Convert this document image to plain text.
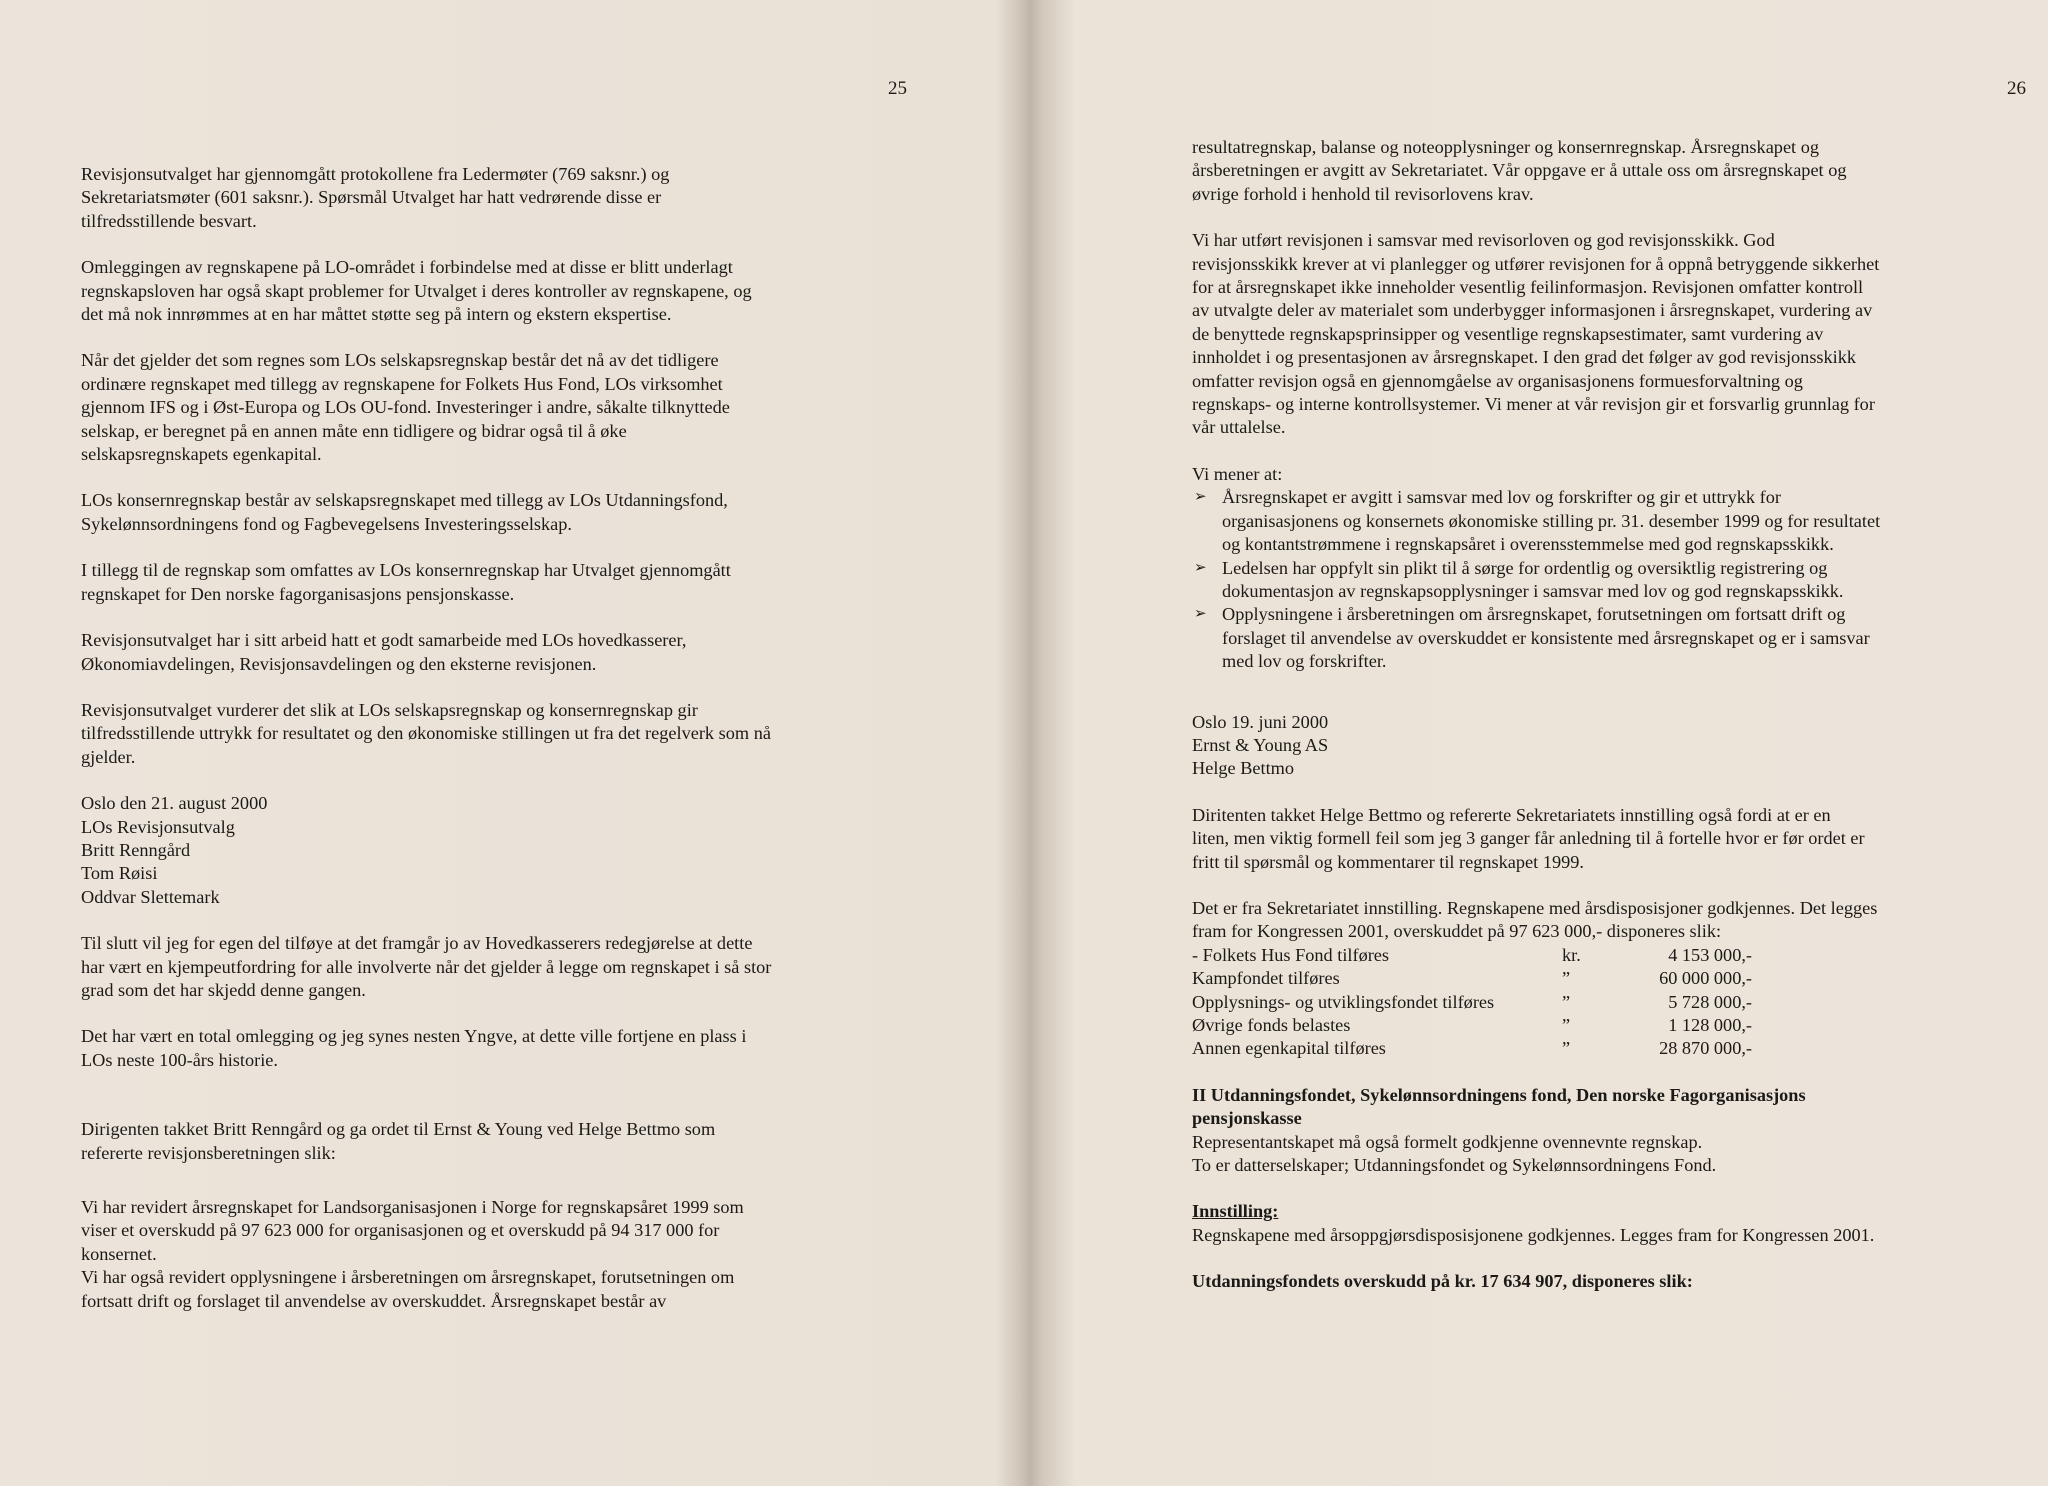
25

Revisjonsutvalget har gjennomgått protokollene fra Ledermøter (769 saksnr.) og
Sekretariatsmøter (601 saksnr.). Spørsmål Utvalget har hatt vedrørende disse er
tilfredsstillende besvart.

Omleggingen av regnskapene på LO-området i forbindelse med at disse er blitt underlagt
regnskapsloven har også skapt problemer for Utvalget i deres kontroller av regnskapene, og
det må nok innrømmes at en har måttet støtte seg på intern og ekstern ekspertise.

Når det gjelder det som regnes som LOs selskapsregnskap består det nå av det tidligere
ordinære regnskapet med tillegg av regnskapene for Folkets Hus Fond, LOs virksomhet
gjennom IFS og i Øst-Europa og LOs OU-fond. Investeringer i andre, såkalte tilknyttede
selskap, er beregnet på en annen måte enn tidligere og bidrar også til å øke
selskapsregnskapets egenkapital.

LOs konsernregnskap består av selskapsregnskapet med tillegg av LOs Utdanningsfond,
Sykelønnsordningens fond og Fagbevegelsens Investeringsselskap.

I tillegg til de regnskap som omfattes av LOs konsernregnskap har Utvalget gjennomgått
regnskapet for Den norske fagorganisasjons pensjonskasse.

Revisjonsutvalget har i sitt arbeid hatt et godt samarbeide med LOs hovedkasserer,
Økonomiavdelingen, Revisjonsavdelingen og den eksterne revisjonen.

Revisjonsutvalget vurderer det slik at LOs selskapsregnskap og konsernregnskap gir
tilfredsstillende uttrykk for resultatet og den økonomiske stillingen ut fra det regelverk som nå
gjelder.

Oslo den 21. august 2000
LOs Revisjonsutvalg
Britt Renngård
Tom Røisi
Oddvar Slettemark

Til slutt vil jeg for egen del tilføye at det framgår jo av Hovedkasserers redegjørelse at dette
har vært en kjempeutfordring for alle involverte når det gjelder å legge om regnskapet i så stor
grad som det har skjedd denne gangen.

Det har vært en total omlegging og jeg synes nesten Yngve, at dette ville fortjene en plass i
LOs neste 100-års historie.

Dirigenten takket Britt Renngård og ga ordet til Ernst & Young ved Helge Bettmo som
refererte revisjonsberetningen slik:

Vi har revidert årsregnskapet for Landsorganisasjonen i Norge for regnskapsåret 1999 som
viser et overskudd på 97 623 000 for organisasjonen og et overskudd på 94 317 000 for
konsernet.
Vi har også revidert opplysningene i årsberetningen om årsregnskapet, forutsetningen om
fortsatt drift og forslaget til anvendelse av overskuddet. Årsregnskapet består av

26

resultatregnskap, balanse og noteopplysninger og konsernregnskap. Årsregnskapet og
årsberetningen er avgitt av Sekretariatet. Vår oppgave er å uttale oss om årsregnskapet og
øvrige forhold i henhold til revisorlovens krav.

Vi har utført revisjonen i samsvar med revisorloven og god revisjonsskikk. God
revisjonsskikk krever at vi planlegger og utfører revisjonen for å oppnå betryggende sikkerhet
for at årsregnskapet ikke inneholder vesentlig feilinformasjon. Revisjonen omfatter kontroll
av utvalgte deler av materialet som underbygger informasjonen i årsregnskapet, vurdering av
de benyttede regnskapsprinsipper og vesentlige regnskapsestimater, samt vurdering av
innholdet i og presentasjonen av årsregnskapet. I den grad det følger av god revisjonsskikk
omfatter revisjon også en gjennomgåelse av organisasjonens formuesforvaltning og
regnskaps- og interne kontrollsystemer. Vi mener at vår revisjon gir et forsvarlig grunnlag for
vår uttalelse.

Vi mener at:
➢ Årsregnskapet er avgitt i samsvar med lov og forskrifter og gir et uttrykk for
organisasjonens og konsernets økonomiske stilling pr. 31. desember 1999 og for resultatet
og kontantstrømmene i regnskapsåret i overensstemmelse med god regnskapsskikk.
➢ Ledelsen har oppfylt sin plikt til å sørge for ordentlig og oversiktlig registrering og
dokumentasjon av regnskapsopplysninger i samsvar med lov og god regnskapsskikk.
➢ Opplysningene i årsberetningen om årsregnskapet, forutsetningen om fortsatt drift og
forslaget til anvendelse av overskuddet er konsistente med årsregnskapet og er i samsvar
med lov og forskrifter.

Oslo 19. juni 2000
Ernst & Young AS
Helge Bettmo

Diritenten takket Helge Bettmo og refererte Sekretariatets innstilling også fordi at er en
liten, men viktig formell feil som jeg 3 ganger får anledning til å fortelle hvor er før ordet er
fritt til spørsmål og kommentarer til regnskapet 1999.

Det er fra Sekretariatet innstilling. Regnskapene med årsdisposisjoner godkjennes. Det legges
fram for Kongressen 2001, overskuddet på 97 623 000,- disponeres slik:
- Folkets Hus Fond tilføres	kr.	4 153 000,-
Kampfondet tilføres	”	60 000 000,-
Opplysnings- og utviklingsfondet tilføres	”	5 728 000,-
Øvrige fonds belastes	”	1 128 000,-
Annen egenkapital tilføres	”	28 870 000,-

II Utdanningsfondet, Sykelønnsordningens fond, Den norske Fagorganisasjons
pensjonskasse
Representantskapet må også formelt godkjenne ovennevnte regnskap.
To er datterselskaper; Utdanningsfondet og Sykelønnsordningens Fond.

Innstilling:
Regnskapene med årsoppgjørsdisposisjonene godkjennes. Legges fram for Kongressen 2001.

Utdanningsfondets overskudd på kr. 17 634 907, disponeres slik:
